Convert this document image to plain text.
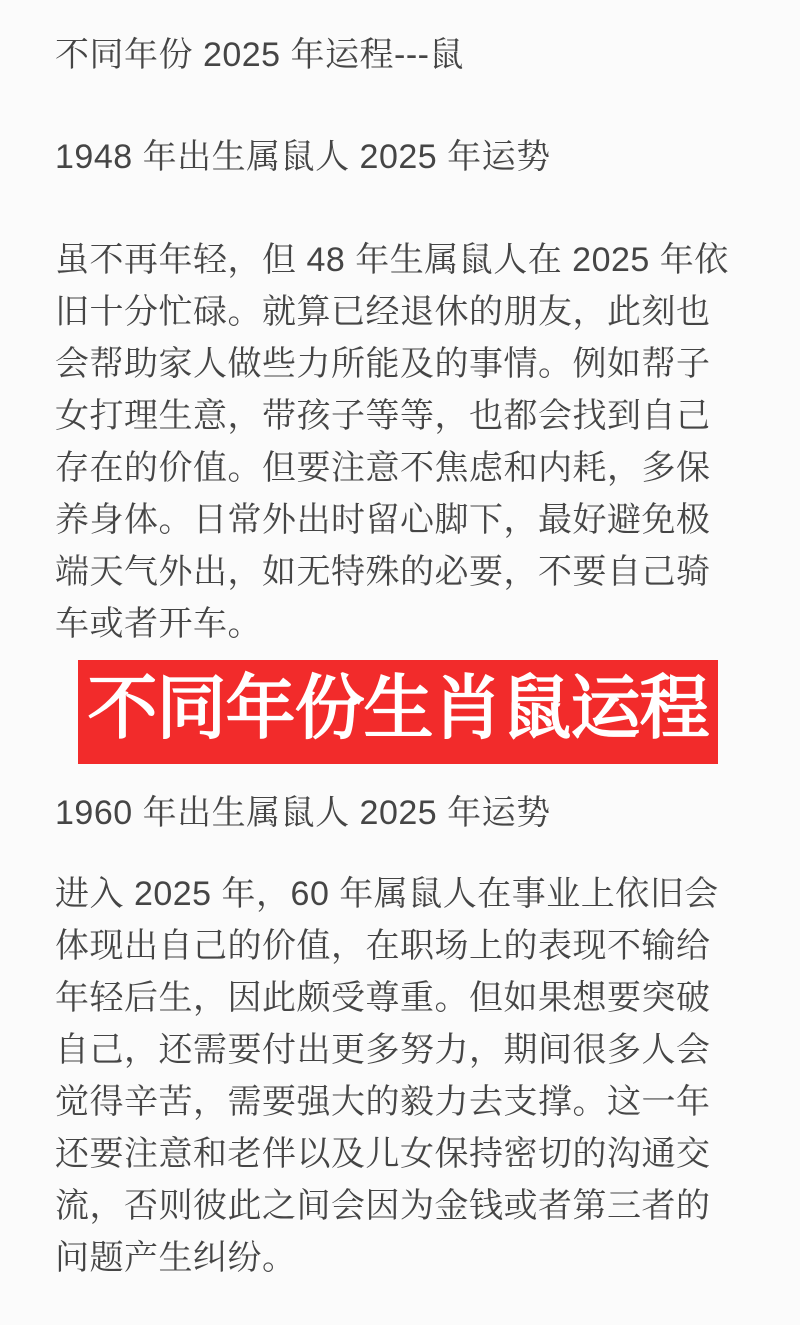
不同年份 2025 年运程---鼠
1948 年出生属鼠人 2025 年运势
虽不再年轻，但 48 年生属鼠人在 2025 年依
旧十分忙碌。就算已经退休的朋友，此刻也
会帮助家人做些力所能及的事情。例如帮子
女打理生意，带孩子等等，也都会找到自己
存在的价值。但要注意不焦虑和内耗，多保
养身体。日常外出时留心脚下，最好避免极
端天气外出，如无特殊的必要，不要自己骑
车或者开车。
不同年份生肖鼠运程
1960 年出生属鼠人 2025 年运势
进入 2025 年，60 年属鼠人在事业上依旧会
体现出自己的价值，在职场上的表现不输给
年轻后生，因此颇受尊重。但如果想要突破
自己，还需要付出更多努力，期间很多人会
觉得辛苦，需要强大的毅力去支撑。这一年
还要注意和老伴以及儿女保持密切的沟通交
流，否则彼此之间会因为金钱或者第三者的
问题产生纠纷。
